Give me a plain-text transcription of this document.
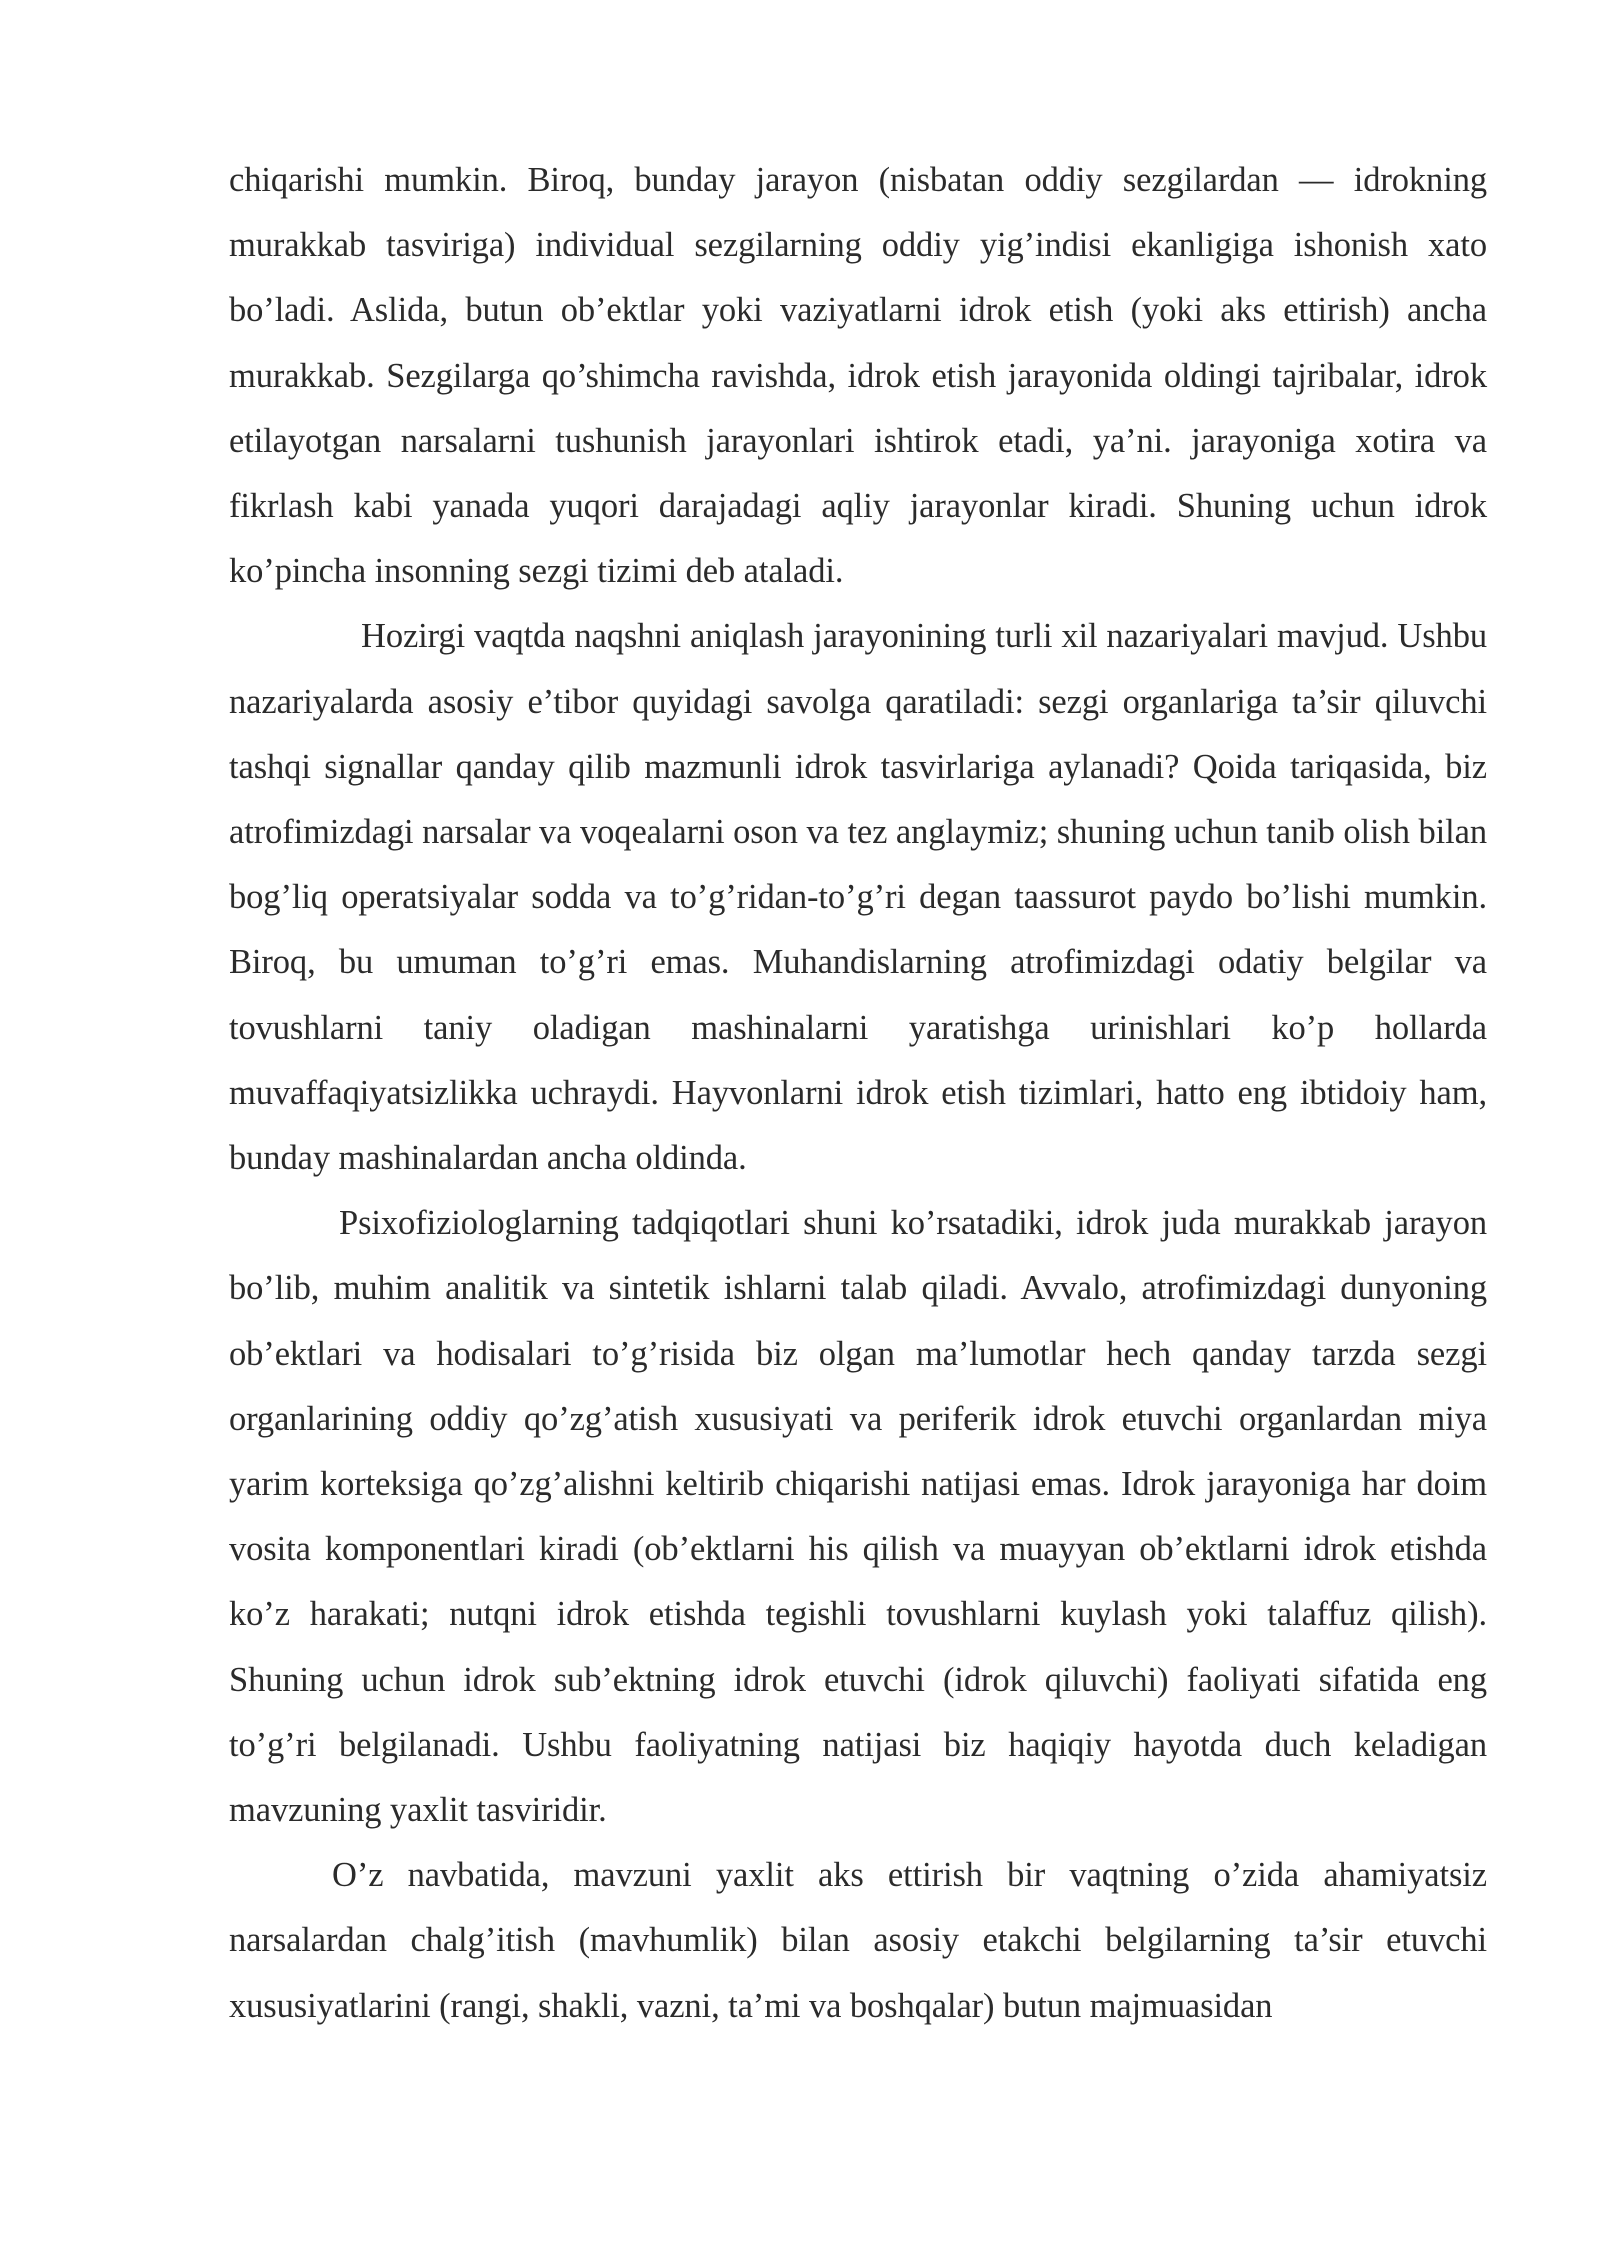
chiqarishi mumkin. Biroq, bunday jarayon (nisbatan oddiy sezgilardan — idrokning murakkab tasviriga) individual sezgilarning oddiy yig’indisi ekanligiga ishonish xato bo’ladi. Aslida, butun ob’ektlar yoki vaziyatlarni idrok etish (yoki aks ettirish) ancha murakkab. Sezgilarga qo’shimcha ravishda, idrok etish jarayonida oldingi tajribalar, idrok etilayotgan narsalarni tushunish jarayonlari ishtirok etadi, ya’ni. jarayoniga xotira va fikrlash kabi yanada yuqori darajadagi aqliy jarayonlar kiradi. Shuning uchun idrok ko’pincha insonning sezgi tizimi deb ataladi.

Hozirgi vaqtda naqshni aniqlash jarayonining turli xil nazariyalari mavjud. Ushbu nazariyalarda asosiy e’tibor quyidagi savolga qaratiladi: sezgi organlariga ta’sir qiluvchi tashqi signallar qanday qilib mazmunli idrok tasvirlariga aylanadi? Qoida tariqasida, biz atrofimizdagi narsalar va voqealarni oson va tez anglaymiz; shuning uchun tanib olish bilan bog’liq operatsiyalar sodda va to’g’ridan-to’g’ri degan taassurot paydo bo’lishi mumkin. Biroq, bu umuman to’g’ri emas. Muhandislarning atrofimizdagi odatiy belgilar va tovushlarni taniy oladigan mashinalarni yaratishga urinishlari ko’p hollarda muvaffaqiyatsizlikka uchraydi. Hayvonlarni idrok etish tizimlari, hatto eng ibtidoiy ham, bunday mashinalardan ancha oldinda.

Psixofiziologlarning tadqiqotlari shuni ko’rsatadiki, idrok juda murakkab jarayon bo’lib, muhim analitik va sintetik ishlarni talab qiladi. Avvalo, atrofimizdagi dunyoning ob’ektlari va hodisalari to’g’risida biz olgan ma’lumotlar hech qanday tarzda sezgi organlarining oddiy qo’zg’atish xususiyati va periferik idrok etuvchi organlardan miya yarim korteksiga qo’zg’alishni keltirib chiqarishi natijasi emas. Idrok jarayoniga har doim vosita komponentlari kiradi (ob’ektlarni his qilish va muayyan ob’ektlarni idrok etishda ko’z harakati; nutqni idrok etishda tegishli tovushlarni kuylash yoki talaffuz qilish). Shuning uchun idrok sub’ektning idrok etuvchi (idrok qiluvchi) faoliyati sifatida eng to’g’ri belgilanadi. Ushbu faoliyatning natijasi biz haqiqiy hayotda duch keladigan mavzuning yaxlit tasviridir.

O’z navbatida, mavzuni yaxlit aks ettirish bir vaqtning o’zida ahamiyatsiz narsalardan chalg’itish (mavhumlik) bilan asosiy etakchi belgilarning ta’sir etuvchi xususiyatlarini (rangi, shakli, vazni, ta’mi va boshqalar) butun majmuasidan
